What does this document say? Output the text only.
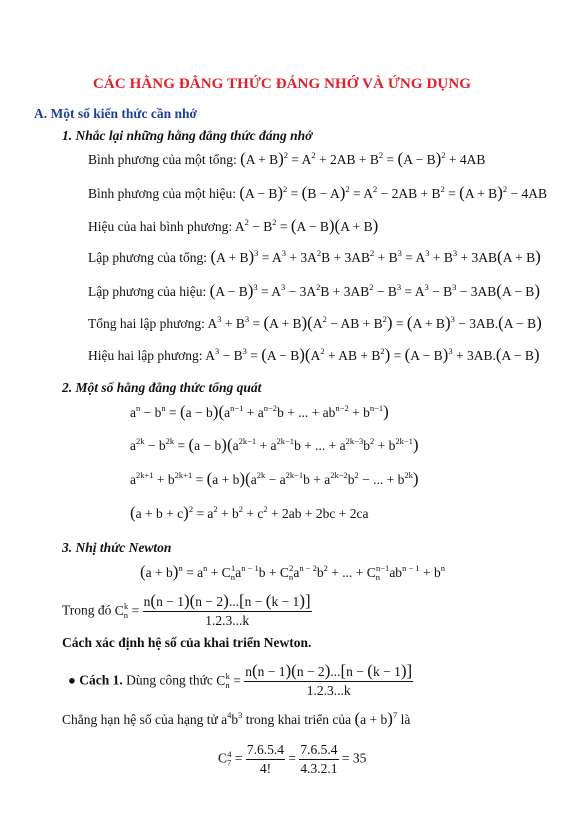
CÁC HẰNG ĐẲNG THỨC ĐÁNG NHỚ VÀ ỨNG DỤNG
A. Một số kiến thức cần nhớ
1. Nhắc lại những hằng đẳng thức đáng nhớ
Bình phương của một tổng: $(A + B)^2 = A^2 + 2AB + B^2 = (A - B)^2 + 4AB$
Bình phương của một hiệu: $(A - B)^2 = (B - A)^2 = A^2 - 2AB + B^2 = (A + B)^2 - 4AB$
Hiệu của hai bình phương: $A^2 - B^2 = (A - B)(A + B)$
Lập phương của tổng: $(A + B)^3 = A^3 + 3A^2B + 3AB^2 + B^3 = A^3 + B^3 + 3AB(A + B)$
Lập phương của hiệu: $(A - B)^3 = A^3 - 3A^2B + 3AB^2 - B^3 = A^3 - B^3 - 3AB(A - B)$
Tổng hai lập phương: $A^3 + B^3 = (A + B)(A^2$ − AB + $B^2) = (A + B)^3 - 3AB.(A - B)$
Hiệu hai lập phương: $A^3 - B^3 = (A - B)(A^2$ + AB + $B^2) = (A - B)^3 + 3AB.(A - B)$
2. Một số hằng đẳng thức tổng quát
$a^n - b^n = (a - b)(a^{n-1} + a^{n-2}b$ + ... + $ab^{n-2} + b^{n-1}$)
$a^{2k} - b^{2k} = (a - b)(a^{2k-1} + a^{2k-1}b$ + ... + $a^{2k-3}b^2 + b^{2k-1}$)
$a^{2k+1} + b^{2k+1} = (a + b)(a^{2k} - a^{2k-1}b + a^{2k-2}b^2$ − ... + $b^{2k}$)
$(a + b + c)^2 = a^2 + b^2 + c^2 + 2ab + 2bc + 2ca$
3. Nhị thức Newton
$(a + b)^n = a^n + C_n^1a^{n - 1}b + C_n^2a^{n - 2}b^2$ + ... + $C_n^{n-1}ab^{n - 1} + b^n$
Trong đó $C_n^k = \frac{n(n - 1)(n - 2)...[n - (k - 1)]}{1.2.3...k}$
Cách xác định hệ số của khai triển Newton.
● Cách 1. Dùng công thức $C_n^k = \frac{n(n - 1)(n - 2)...[n - (k - 1)]}{1.2.3...k}$
Chẳng hạn hệ số của hạng tử $a^4b^3$ trong khai triển của $(a + b)^7$ là
$C_7^4 = \frac{7.6.5.4}{4!} = \frac{7.6.5.4}{4.3.2.1} = 35$
